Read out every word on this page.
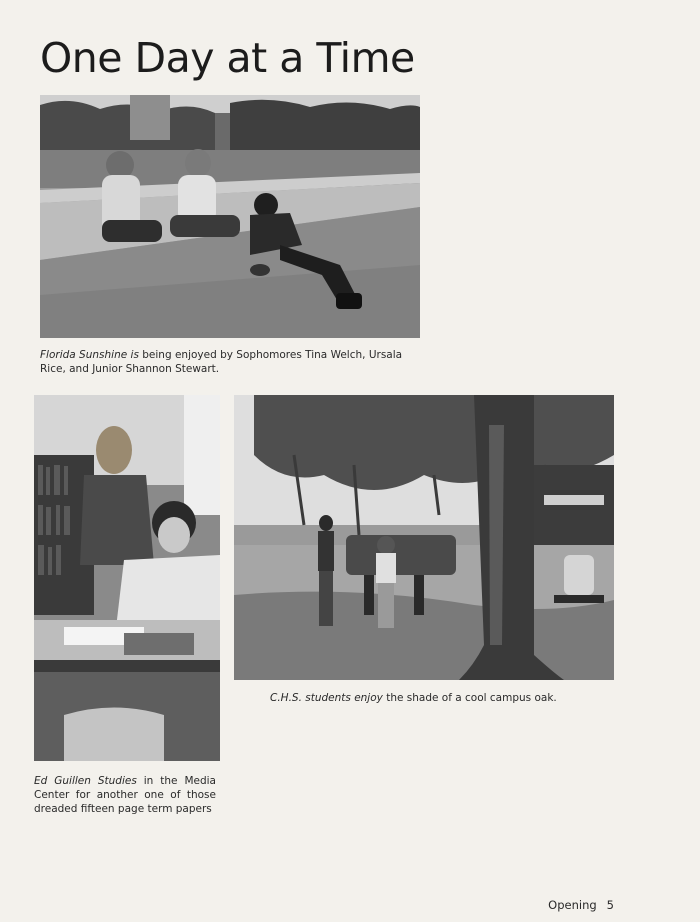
One Day at a Time

Florida Sunshine is being enjoyed by Sophomores Tina Welch, Ursala Rice, and Junior Shannon Stewart.

Ed Guillen Studies in the Media Center for another one of those dreaded fifteen page term papers

C.H.S. students enjoy the shade of a cool campus oak.

Opening 5
